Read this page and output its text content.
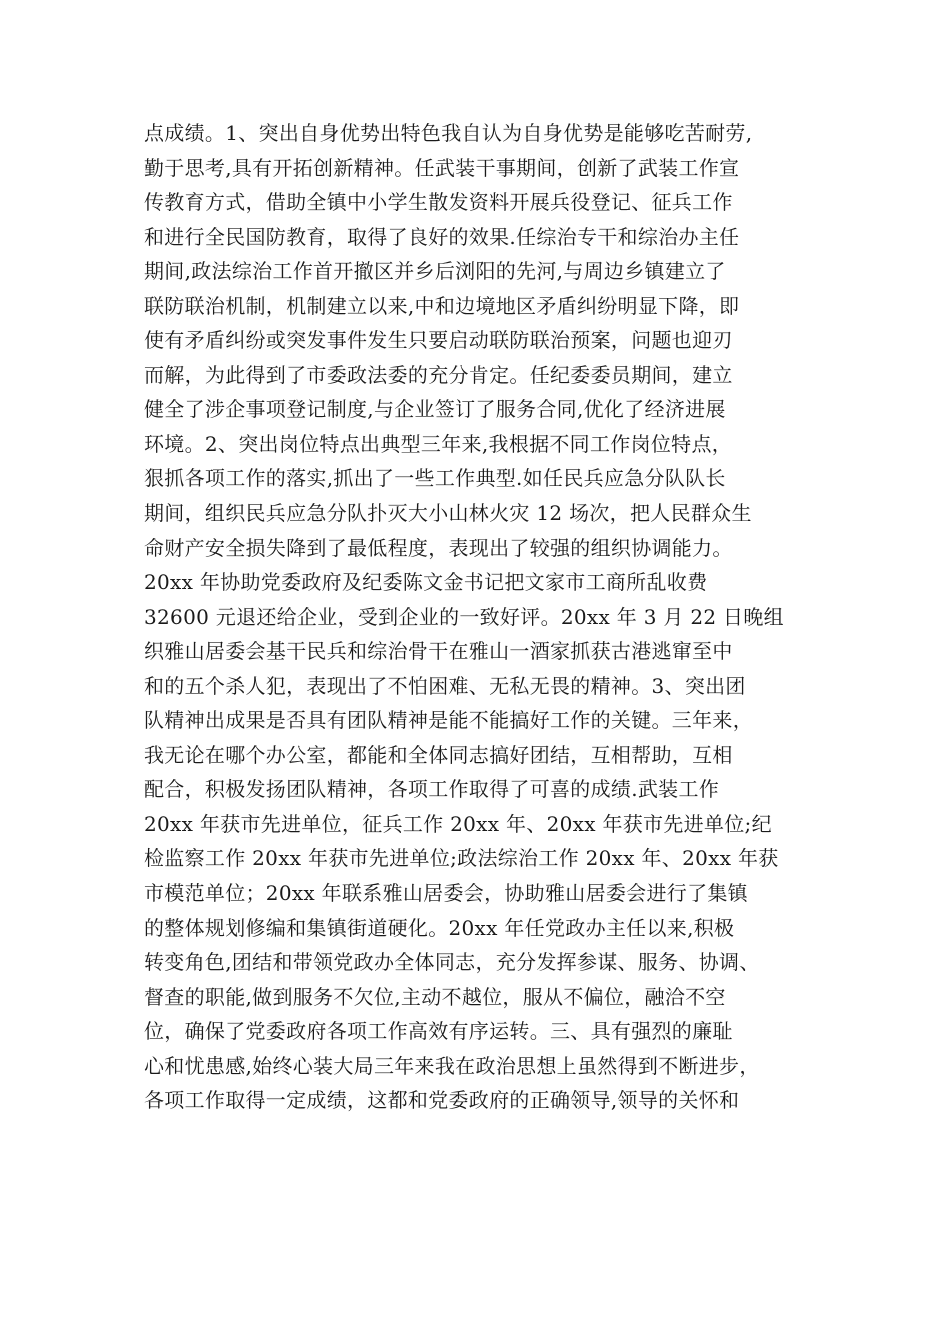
点成绩。1、突出自身优势出特色我自认为自身优势是能够吃苦耐劳,
勤于思考,具有开拓创新精神。任武装干事期间，创新了武装工作宣
传教育方式，借助全镇中小学生散发资料开展兵役登记、征兵工作
和进行全民国防教育，取得了良好的效果.任综治专干和综治办主任
期间,政法综治工作首开撤区并乡后浏阳的先河,与周边乡镇建立了
联防联治机制，机制建立以来,中和边境地区矛盾纠纷明显下降，即
使有矛盾纠纷或突发事件发生只要启动联防联治预案，问题也迎刃
而解，为此得到了市委政法委的充分肯定。任纪委委员期间，建立
健全了涉企事项登记制度,与企业签订了服务合同,优化了经济进展
环境。2、突出岗位特点出典型三年来,我根据不同工作岗位特点，
狠抓各项工作的落实,抓出了一些工作典型.如任民兵应急分队队长
期间，组织民兵应急分队扑灭大小山林火灾 12 场次，把人民群众生
命财产安全损失降到了最低程度，表现出了较强的组织协调能力。
20xx 年协助党委政府及纪委陈文金书记把文家市工商所乱收费
32600 元退还给企业，受到企业的一致好评。20xx 年 3 月 22 日晚组
织雅山居委会基干民兵和综治骨干在雅山一酒家抓获古港逃窜至中
和的五个杀人犯，表现出了不怕困难、无私无畏的精神。3、突出团
队精神出成果是否具有团队精神是能不能搞好工作的关键。三年来，
我无论在哪个办公室，都能和全体同志搞好团结，互相帮助，互相
配合，积极发扬团队精神，各项工作取得了可喜的成绩.武装工作
20xx 年获市先进单位，征兵工作 20xx 年、20xx 年获市先进单位;纪
检监察工作 20xx 年获市先进单位;政法综治工作 20xx 年、20xx 年获
市模范单位；20xx 年联系雅山居委会，协助雅山居委会进行了集镇
的整体规划修编和集镇街道硬化。20xx 年任党政办主任以来,积极
转变角色,团结和带领党政办全体同志，充分发挥参谋、服务、协调、
督查的职能,做到服务不欠位,主动不越位，服从不偏位，融洽不空
位，确保了党委政府各项工作高效有序运转。三、具有强烈的廉耻
心和忧患感,始终心装大局三年来我在政治思想上虽然得到不断进步，
各项工作取得一定成绩，这都和党委政府的正确领导,领导的关怀和
